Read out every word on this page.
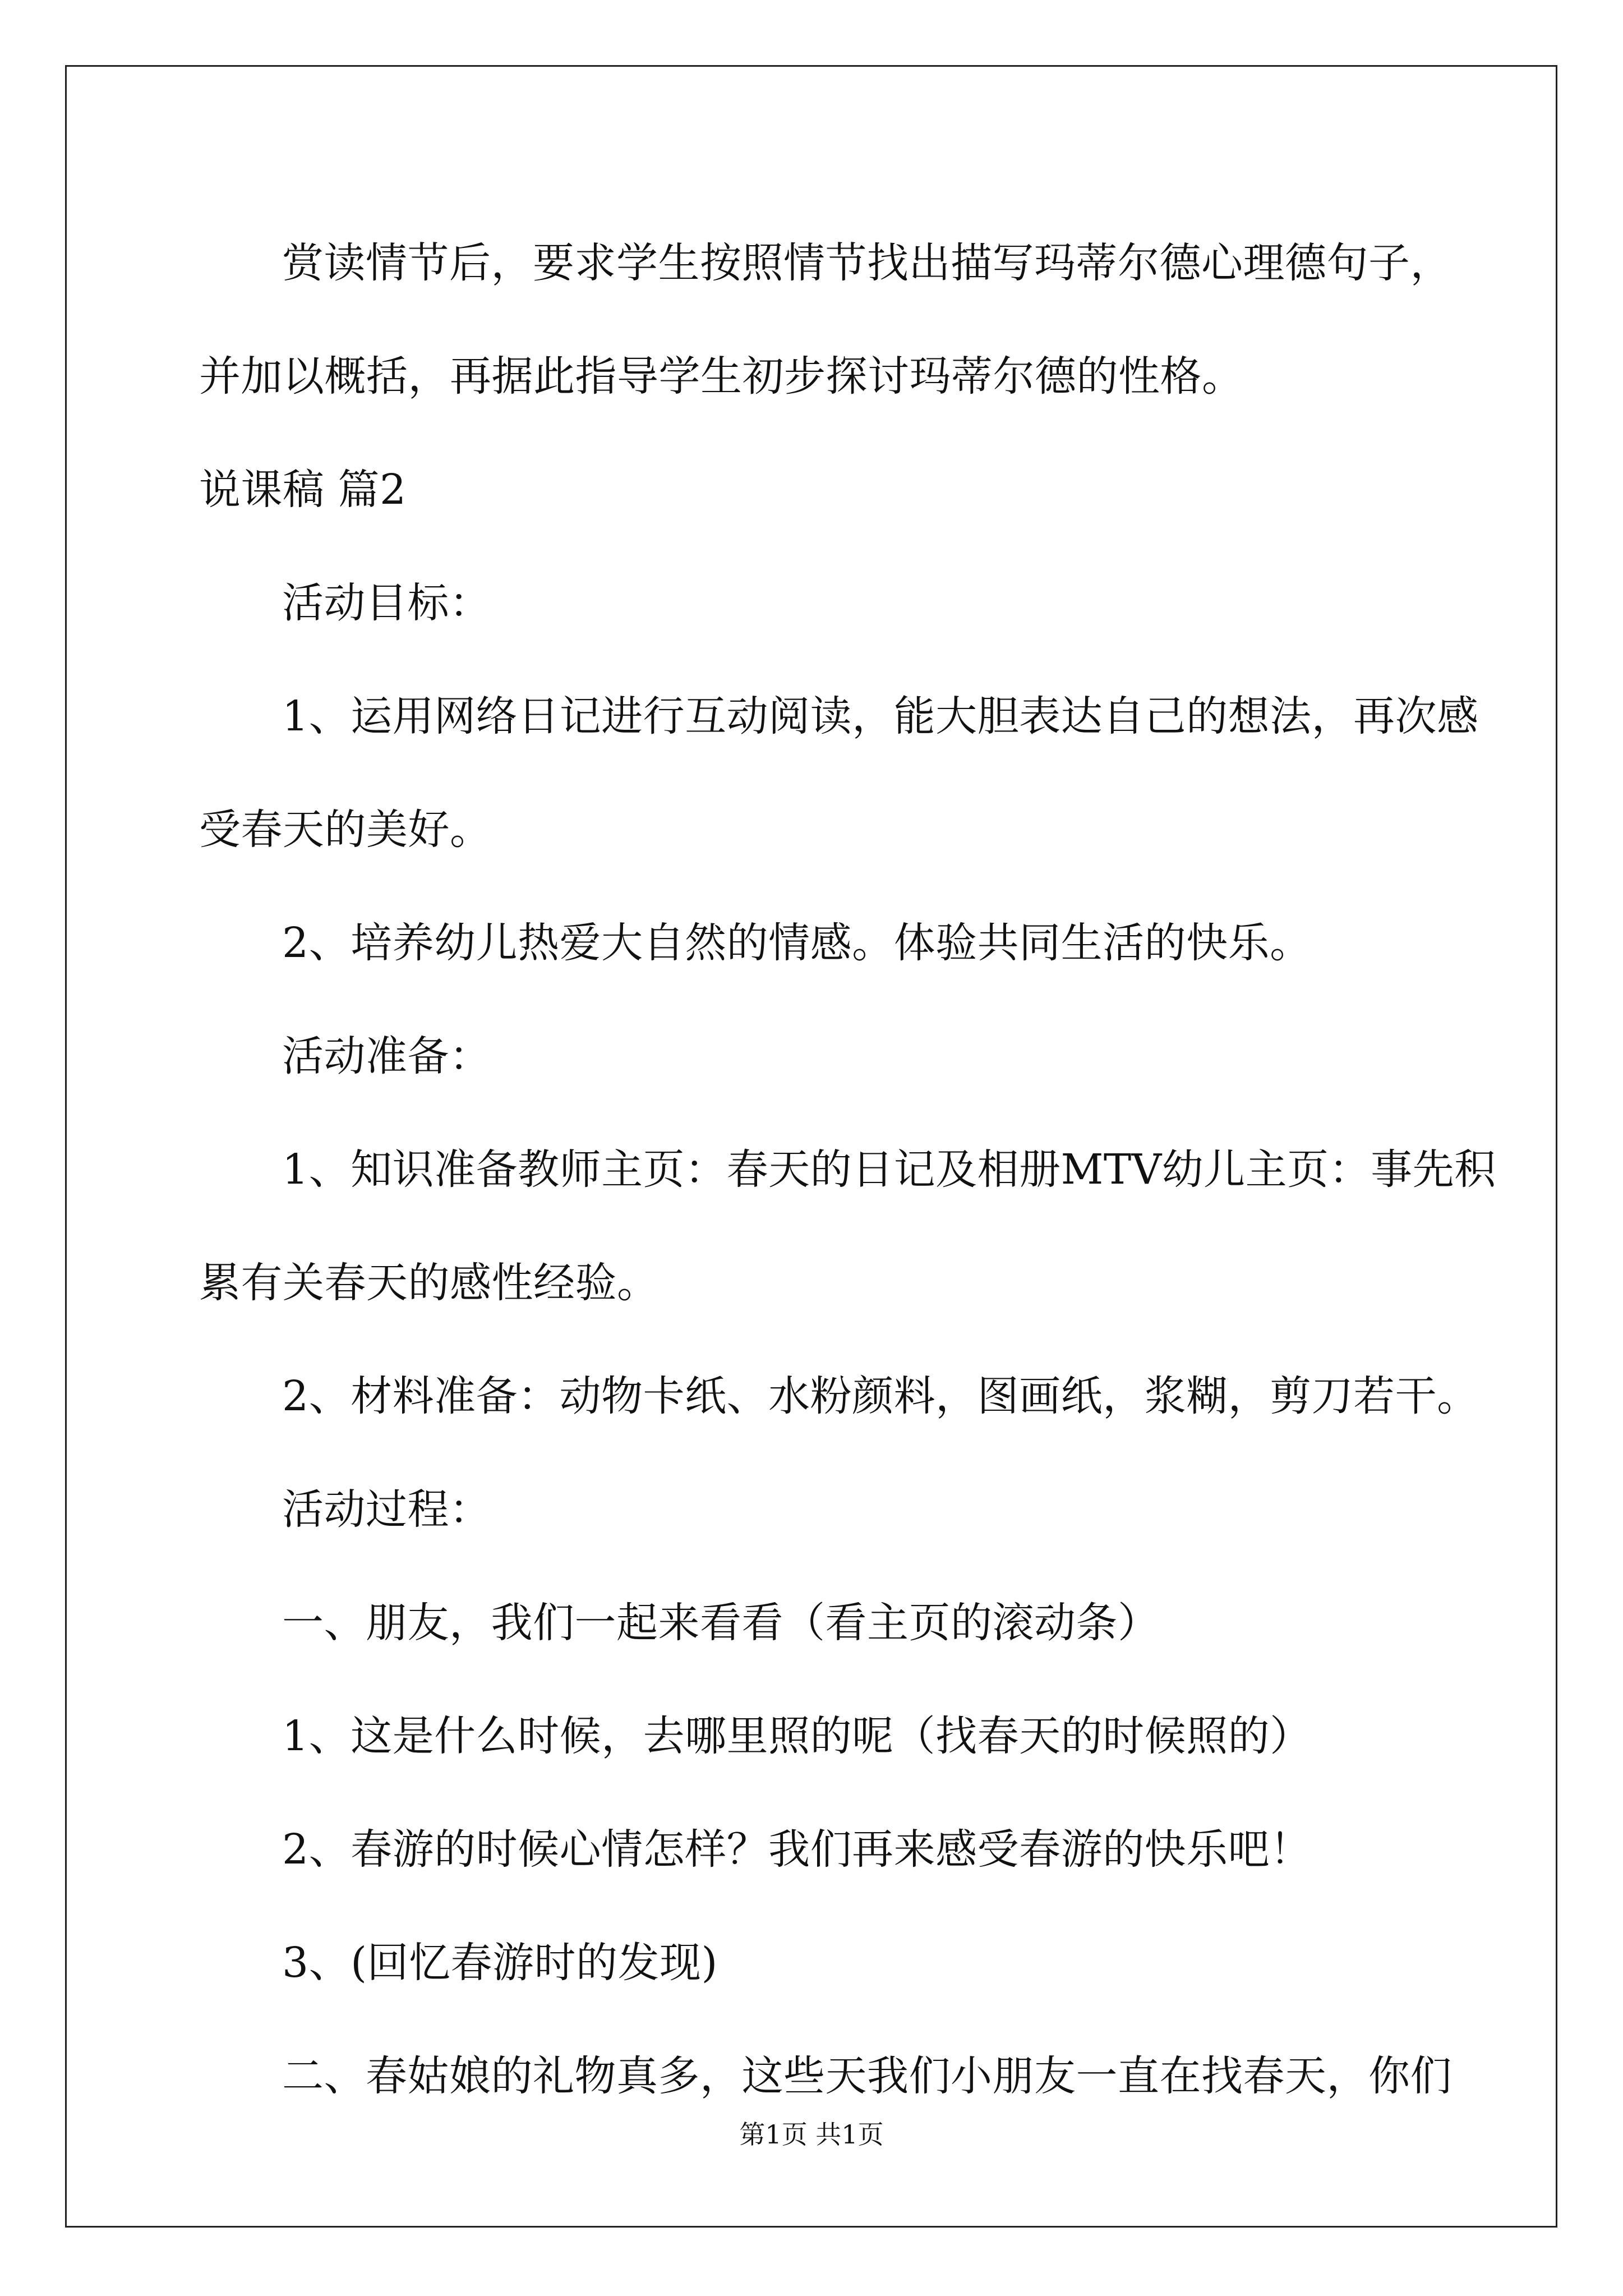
赏读情节后，要求学生按照情节找出描写玛蒂尔德心理德句子，

并加以概括，再据此指导学生初步探讨玛蒂尔德的性格。

说课稿 篇2

活动目标：

1、运用网络日记进行互动阅读，能大胆表达自己的想法，再次感

受春天的美好。

2、培养幼儿热爱大自然的情感。体验共同生活的快乐。

活动准备：

1、知识准备教师主页：春天的日记及相册MTV幼儿主页：事先积

累有关春天的感性经验。

2、材料准备：动物卡纸、水粉颜料，图画纸，浆糊，剪刀若干。

活动过程：

一、朋友，我们一起来看看（看主页的滚动条）

1、这是什么时候，去哪里照的呢（找春天的时候照的）

2、春游的时候心情怎样？我们再来感受春游的快乐吧！

3、(回忆春游时的发现)

二、春姑娘的礼物真多，这些天我们小朋友一直在找春天，你们

第1页 共1页
